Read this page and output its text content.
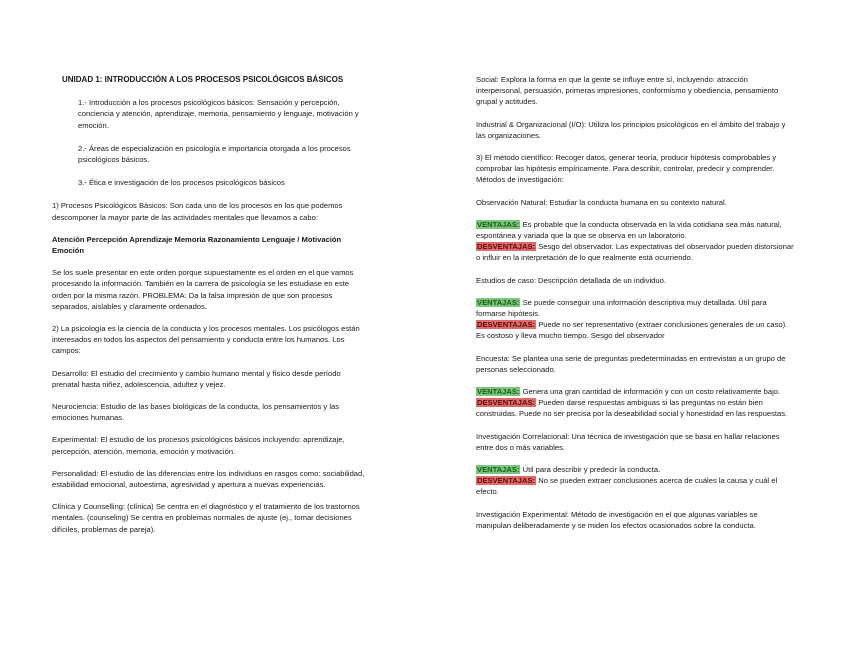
UNIDAD 1: INTRODUCCIÓN A LOS PROCESOS PSICOLÓGICOS BÁSICOS

1.- Introducción a los procesos psicológicos básicos: Sensación y percepción, conciencia y atención, aprendizaje, memoria, pensamiento y lenguaje, motivación y emoción.

2.- Áreas de especialización en psicología e importancia otorgada a los procesos psicológicos básicos.

3.- Ética e investigación de los procesos psicológicos básicos

1) Procesos Psicológicos Básicos: Son cada uno de los procesos en los que podemos descomponer la mayor parte de las actividades mentales que llevamos a cabo:

Atención Percepción Aprendizaje Memoria Razonamiento Lenguaje / Motivación Emoción

Se los suele presentar en este orden porque supuestamente es el orden en el que vamos procesando la información. También en la carrera de psicología se les estudiase en este orden por la misma razón. PROBLEMA: Da la falsa impresión de que son procesos separados, aislables y claramente ordenados.

2) La psicología es la ciencia de la conducta y los procesos mentales. Los psicólogos están interesados en todos los aspectos del pensamiento y conducta entre los humanos. Los campos:

Desarrollo: El estudio del crecimiento y cambio humano mental y físico desde período prenatal hasta niñez, adolescencia, adultez y vejez.

Neurociencia: Estudio de las bases biológicas de la conducta, los pensamientos y las emociones humanas.

Experimental: El estudio de los procesos psicológicos básicos incluyendo: aprendizaje, percepción, atención, memoria, emoción y motivación.

Personalidad: El estudio de las diferencias entre los individuos en rasgos como: sociabilidad, estabilidad emocional, autoestima, agresividad y apertura a nuevas experiencias.

Clínica y Counselling: (clínica) Se centra en el diagnóstico y el tratamiento de los trastornos mentales. (counseling) Se centra en problemas normales de ajuste (ej., tomar decisiones difíciles, problemas de pareja).

Social: Explora la forma en que la gente se influye entre sí, incluyendo: atracción interpersonal, persuasión, primeras impresiones, conformismo y obediencia, pensamiento grupal y actitudes.

Industrial & Organizacional (I/O): Utiliza los principios psicológicos en el ámbito del trabajo y las organizaciones.

3) El método científico: Recoger datos, generar teoría, producir hipótesis comprobables y comprobar las hipótesis empíricamente. Para describir, controlar, predecir y comprender. Métodos de investigación:

Observación Natural: Estudiar la conducta humana en su contexto natural.

VENTAJAS: Es probable que la conducta observada en la vida cotidiana sea más natural, espontánea y variada que la que se observa en un laboratorio.
DESVENTAJAS: Sesgo del observador. Las expectativas del observador pueden distorsionar o influir en la interpretación de lo que realmente está ocurriendo.

Estudios de caso: Descripción detallada de un individuo.

VENTAJAS: Se puede conseguir una información descriptiva muy detallada. Útil para formarse hipótesis.
DESVENTAJAS: Puede no ser representativo (extraer conclusiones generales de un caso). Es costoso y lleva mucho tiempo. Sesgo del observador

Encuesta: Se plantea una serie de preguntas predeterminadas en entrevistas a un grupo de personas seleccionado.

VENTAJAS: Genera una gran cantidad de información y con un costo relativamente bajo.
DESVENTAJAS: Pueden darse respuestas ambiguas si las preguntas no están bien construidas. Puede no ser precisa por la deseabilidad social y honestidad en las respuestas.

Investigación Correlacional: Una técnica de investigación que se basa en hallar relaciones entre dos o más variables.

VENTAJAS: Útil para describir y predecir la conducta.
DESVENTAJAS: No se pueden extraer conclusiones acerca de cuáles la causa y cuál el efecto.

Investigación Experimental: Método de investigación en el que algunas variables se manipulan deliberadamente y se miden los efectos ocasionados sobre la conducta.
